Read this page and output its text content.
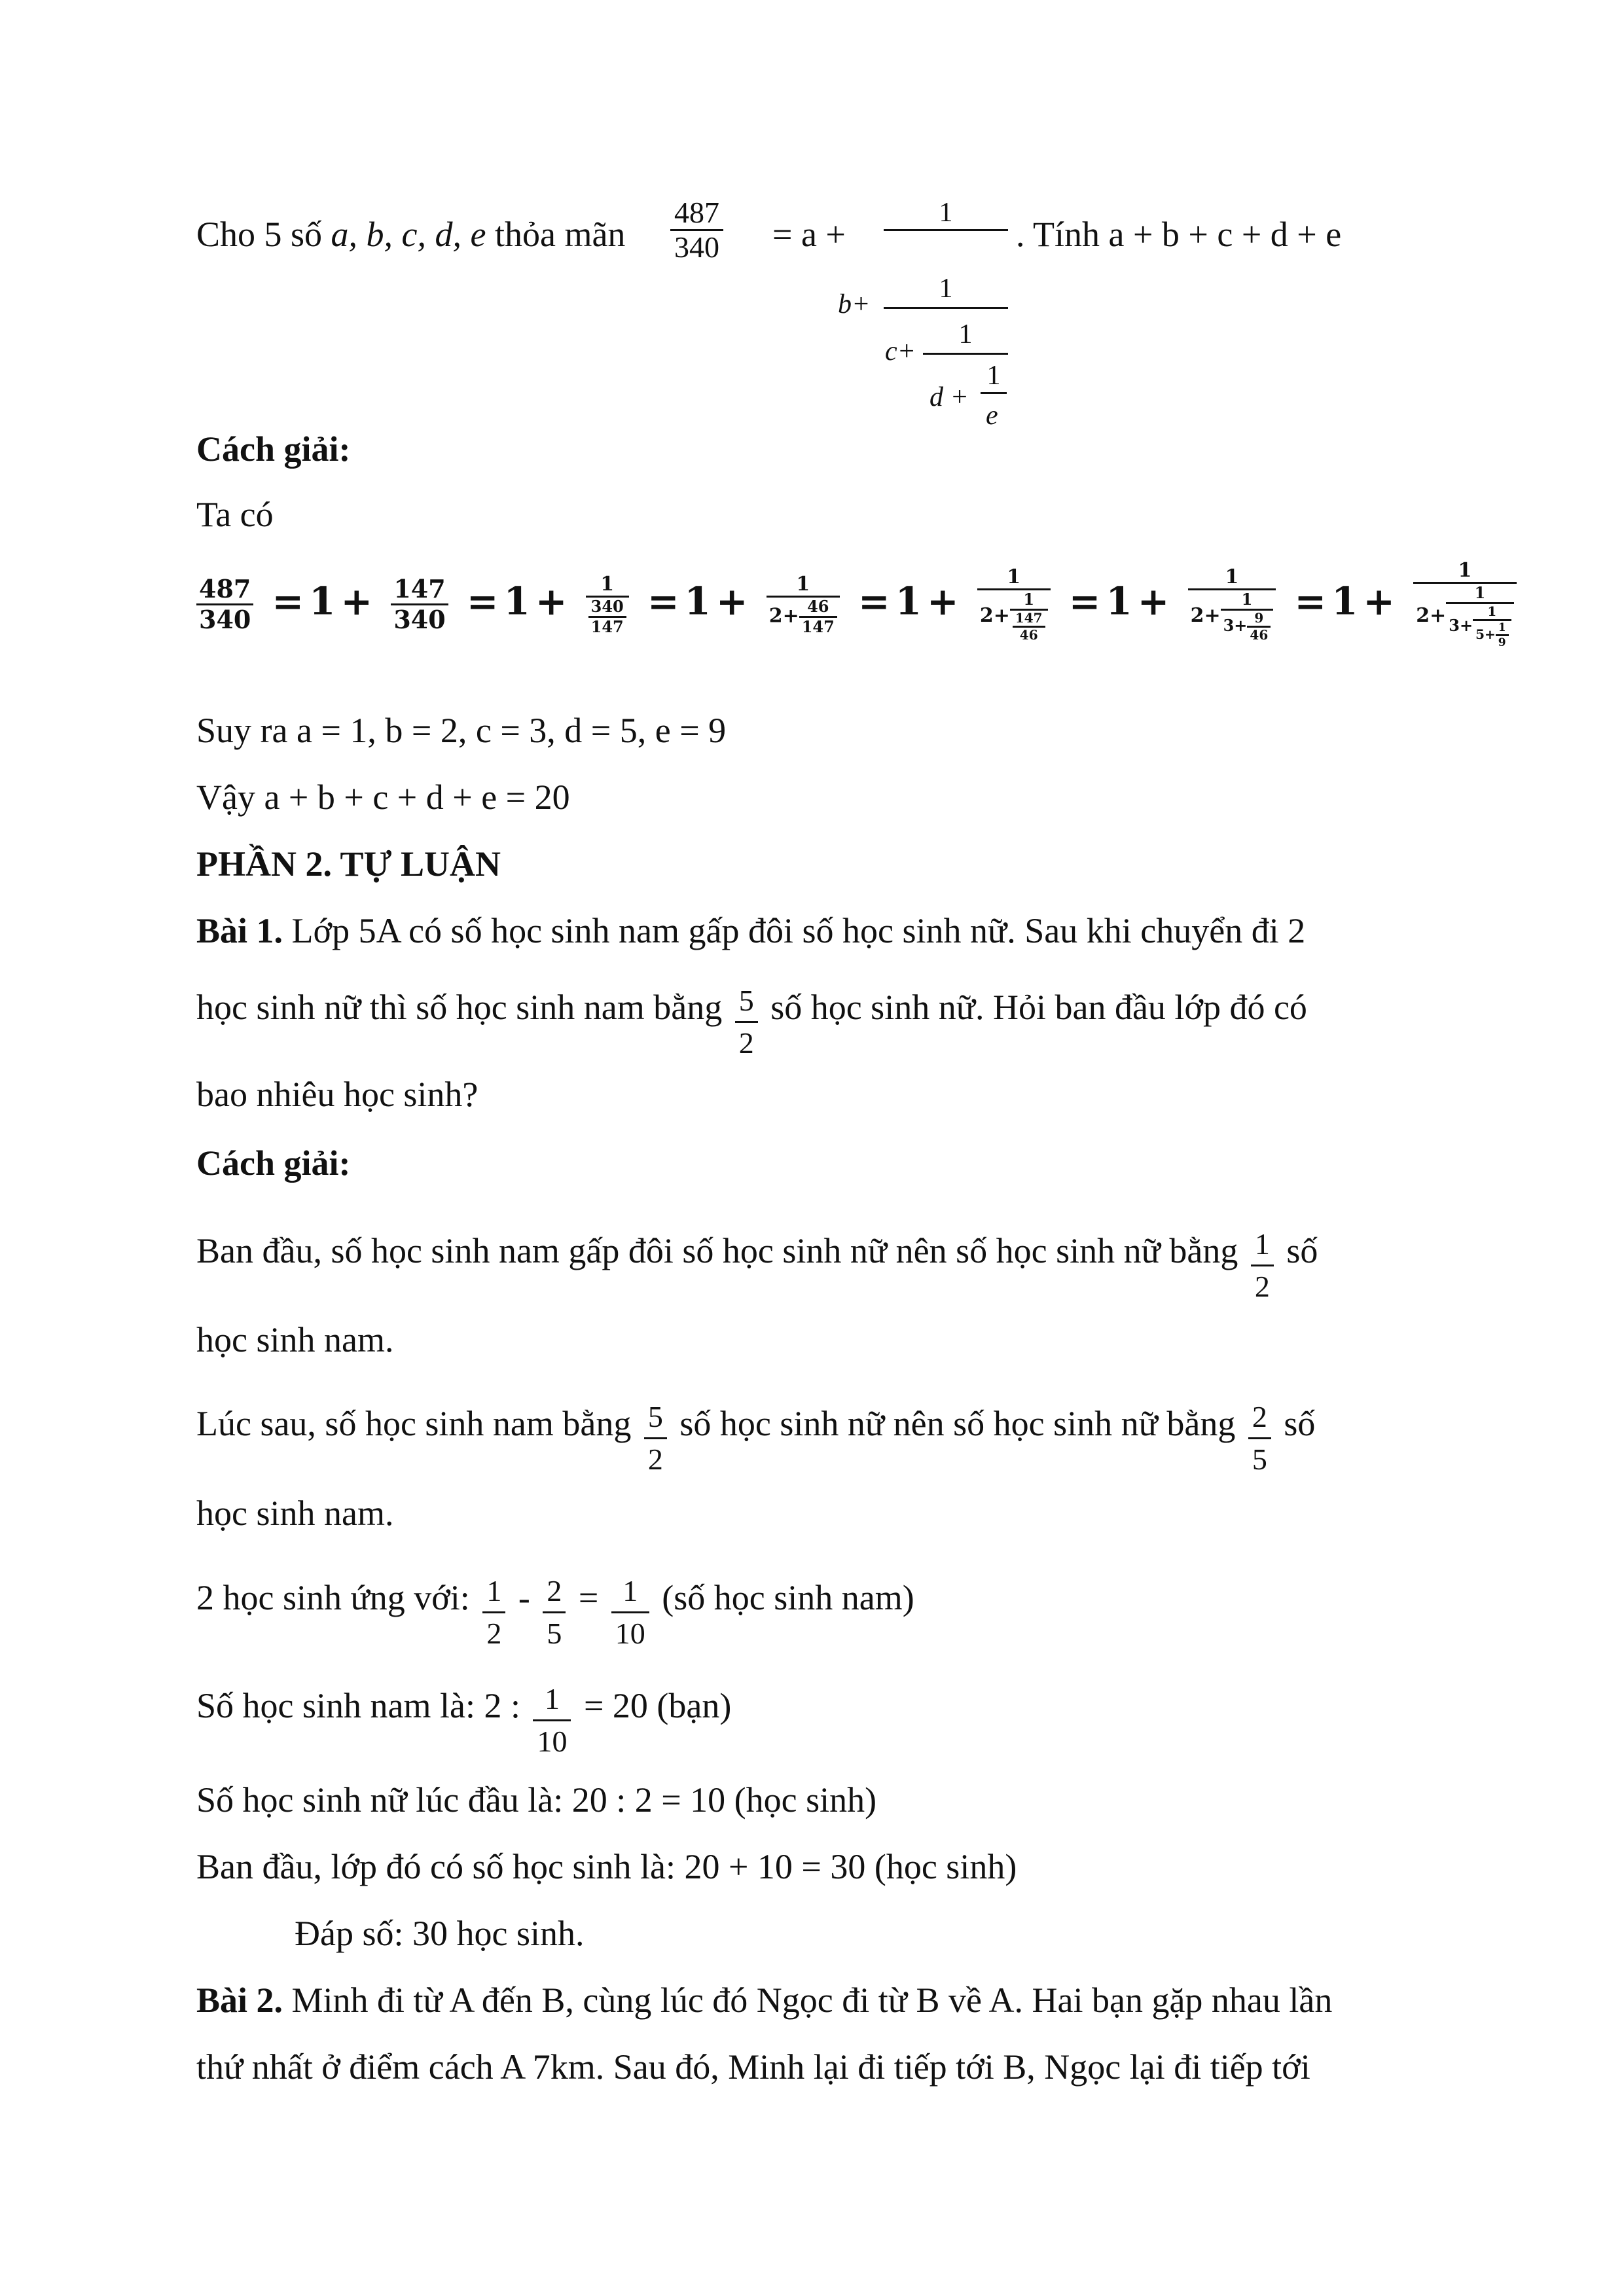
Cho 5 số a, b, c, d, e thỏa mãn
487
340 = a +
1
b+
1
c+
1
d +
1
e
. Tính a + b + c + d + e
Cách giải:
Ta có
$\frac{487}{340} = 1 + \frac{147}{340} = 1 + \frac{1}{\frac{340}{147}} = 1 + \frac{1}{2+ \frac{46}{147}} = 1 + \frac{1}{2+ \frac{1}{\frac{147}{46}}} = 1 + \frac{1}{2+ \frac{1}{3+ \frac{9}{46}}} = 1 + \frac{1}{2+ \frac{1}{3+ \frac{1}{5+ \frac{1}{9}}}}$
Suy ra a = 1, b = 2, c = 3, d = 5, e = 9
Vậy a + b + c + d + e = 20
PHẦN 2. TỰ LUẬN
Bài 1. Lớp 5A có số học sinh nam gấp đôi số học sinh nữ. Sau khi chuyển đi 2
học sinh nữ thì số học sinh nam bằng $\frac{5}{2}$ số học sinh nữ. Hỏi ban đầu lớp đó có
bao nhiêu học sinh?
Cách giải:
Ban đầu, số học sinh nam gấp đôi số học sinh nữ nên số học sinh nữ bằng $\frac{1}{2}$ số
học sinh nam.
Lúc sau, số học sinh nam bằng $\frac{5}{2}$ số học sinh nữ nên số học sinh nữ bằng $\frac{2}{5}$ số
học sinh nam.
2 học sinh ứng với: $\frac{1}{2} - \frac{2}{5} = \frac{1}{10}$ (số học sinh nam)
Số học sinh nam là: 2 : $\frac{1}{10} = 20$ (bạn)
Số học sinh nữ lúc đầu là: 20 : 2 = 10 (học sinh)
Ban đầu, lớp đó có số học sinh là: 20 + 10 = 30 (học sinh)
Đáp số: 30 học sinh.
Bài 2. Minh đi từ A đến B, cùng lúc đó Ngọc đi từ B về A. Hai bạn gặp nhau lần
thứ nhất ở điểm cách A 7km. Sau đó, Minh lại đi tiếp tới B, Ngọc lại đi tiếp tới
